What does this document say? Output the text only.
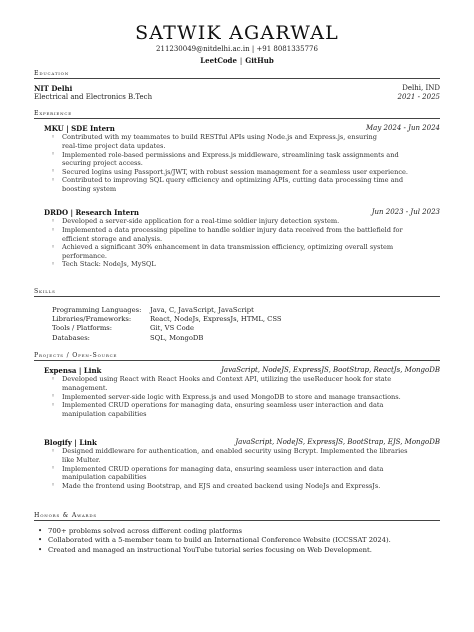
SATWIK AGARWAL
211230049@nitdelhi.ac.in | +91 8081335776
LeetCode | GitHub
Education
NIT Delhi	Delhi, IND
Electrical and Electronics B.Tech	2021 - 2025
Experience
MKU | SDE Intern	May 2024 - Jun 2024
◦ Contributed with my teammates to build RESTful APIs using Node.js and Express.js, ensuring
real-time project data updates.
◦ Implemented role-based permissions and Express.js middleware, streamlining task assignments and
securing project access.
◦ Secured logins using Passport.js/JWT, with robust session management for a seamless user experience.
◦ Contributed to improving SQL query efficiency and optimizing APIs, cutting data processing time and
boosting system
DRDO | Research Intern	Jun 2023 - Jul 2023
◦ Developed a server-side application for a real-time soldier injury detection system.
◦ Implemented a data processing pipeline to handle soldier injury data received from the battlefield for
efficient storage and analysis.
◦ Achieved a significant 30% enhancement in data transmission efficiency, optimizing overall system
performance.
◦ Tech Stack: NodeJs, MySQL
Skills
Programming Languages:	Java, C, JavaScript, JavaScript
Libraries/Frameworks:	React, NodeJs, ExpressJs, HTML, CSS
Tools / Platforms:	Git, VS Code
Databases:	SQL, MongoDB
Projects / Open-Source
Expensa | Link	JavaScript, NodeJS, ExpressJS, BootStrap, ReactJs, MongoDB
◦ Developed using React with React Hooks and Context API, utilizing the useReducer hook for state
management.
◦ Implemented server-side logic with Express.js and used MongoDB to store and manage transactions.
◦ Implemented CRUD operations for managing data, ensuring seamless user interaction and data
manipulation capabilities
Blogify | Link	JavaScript, NodeJS, ExpressJS, BootStrap, EJS, MongoDB
◦ Designed middleware for authentication, and enabled security using Bcrypt. Implemented the libraries
like Multer.
◦ Implemented CRUD operations for managing data, ensuring seamless user interaction and data
manipulation capabilities
◦ Made the frontend using Bootstrap, and EJS and created backend using NodeJs and ExpressJs.
Honors & Awards
• 700+ problems solved across different coding platforms
• Collaborated with a 5-member team to build an International Conference Website (ICCSSAT 2024).
• Created and managed an instructional YouTube tutorial series focusing on Web Development.
